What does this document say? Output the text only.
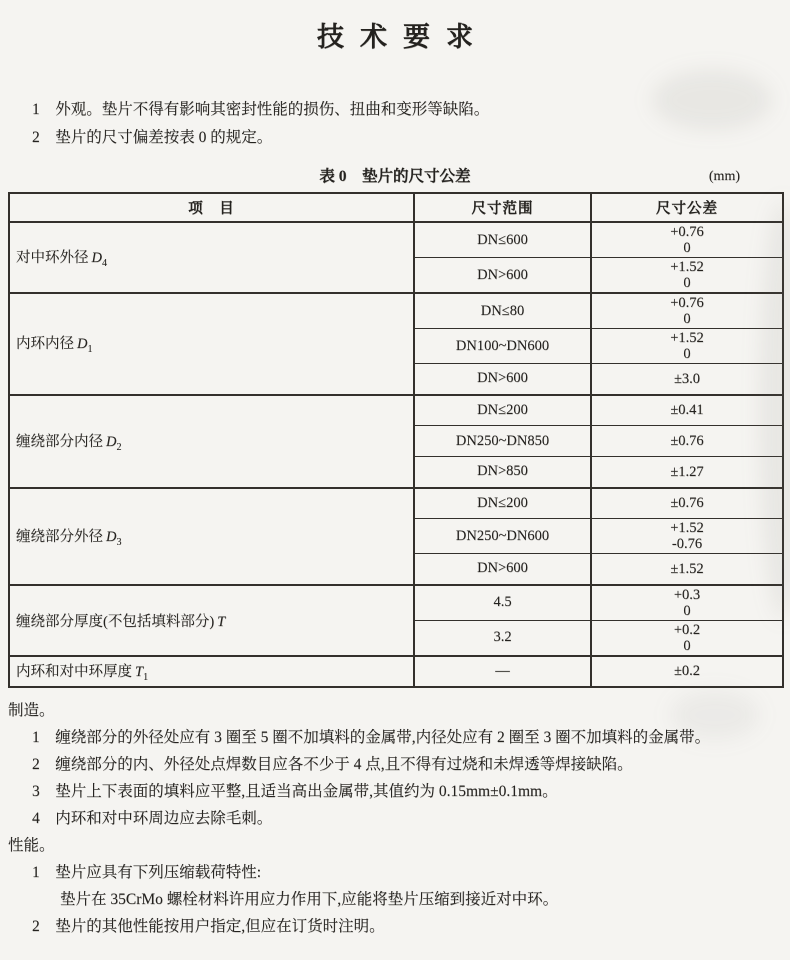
技术要求

1　外观。垫片不得有影响其密封性能的损伤、扭曲和变形等缺陷。

2　垫片的尺寸偏差按表 0 的规定。

表 0　垫片的尺寸公差	(mm)
项　目	尺寸范围	尺寸公差
对中环外径 $D_4$	DN≤600	+0.76
0

	DN>600	+1.52
0

内环内径 $D_1$	DN≤80	+0.76
0

	DN100~DN600	+1.52
0

	DN>600	±3.0

缠绕部分内径 $D_2$	DN≤200	±0.41

	DN250~DN850	±0.76

	DN>850	±1.27

缠绕部分外径 $D_3$	DN≤200	±0.76

	DN250~DN600	+1.52
-0.76

	DN>600	±1.52

缠绕部分厚度(不包括填料部分) T	4.5	+0.3
0

	3.2	+0.2
0

内环和对中环厚度 $T_1$	—	±0.2
制造。

1　缠绕部分的外径处应有 3 圈至 5 圈不加填料的金属带,内径处应有 2 圈至 3 圈不加填料的金属带。

2　缠绕部分的内、外径处点焊数目应各不少于 4 点,且不得有过烧和未焊透等焊接缺陷。

3　垫片上下表面的填料应平整,且适当高出金属带,其值约为 0.15mm±0.1mm。

4　内环和对中环周边应去除毛刺。

性能。

1　垫片应具有下列压缩载荷特性:

垫片在 35CrMo 螺栓材料许用应力作用下,应能将垫片压缩到接近对中环。

2　垫片的其他性能按用户指定,但应在订货时注明。
